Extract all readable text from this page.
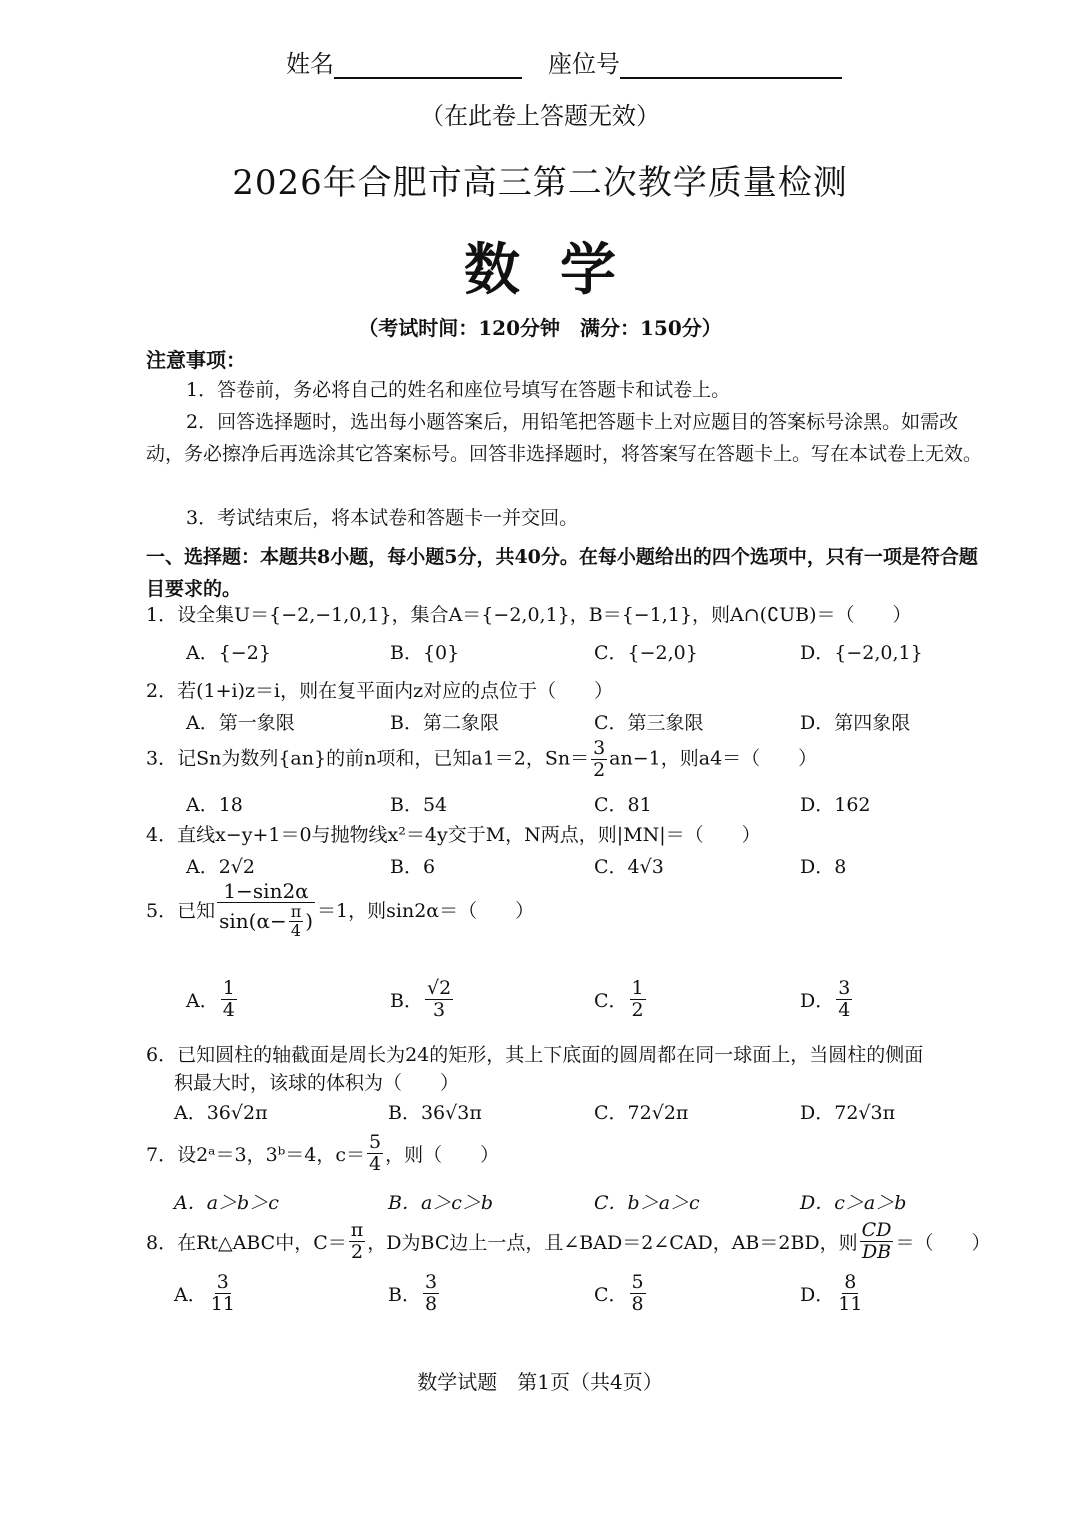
姓名	座位号
（在此卷上答题无效）
2026年合肥市高三第二次教学质量检测
数学
（考试时间：120分钟　满分：150分）
注意事项：
1．答卷前，务必将自己的姓名和座位号填写在答题卡和试卷上。
2．回答选择题时，选出每小题答案后，用铅笔把答题卡上对应题目的答案标号涂黑。如需改动，务必擦净后再选涂其它答案标号。回答非选择题时，将答案写在答题卡上。写在本试卷上无效。
3．考试结束后，将本试卷和答题卡一并交回。
一、选择题：本题共8小题，每小题5分，共40分。在每小题给出的四个选项中，只有一项是符合题目要求的。
1．设全集U＝{−2,−1,0,1}，集合A＝{−2,0,1}，B＝{−1,1}，则A∩(∁UB)＝（　　）
A．{−2}	B．{0}	C．{−2,0}	D．{−2,0,1}
2．若(1+i)z＝i，则在复平面内z对应的点位于（　　）
A．第一象限	B．第二象限	C．第三象限	D．第四象限
3．记Sn为数列{an}的前n项和，已知a1＝2，$Sn= \frac{3}{2} an-1$，则a4＝（　　）
A．18	B．54	C．81	D．162
4．直线x−y+1＝0与抛物线x²＝4y交于M，N两点，则|MN|＝（　　）
A．2√2	B．6	C．4√3	D．8
5．已知 $\frac{1-\sin 2\alpha}{\sin(\alpha- \frac{\pi}{4} )} =1$ ，则sin2α＝（　　）
A． $\frac{1}{4}$	B． $\frac{√2}{3}$	C． $\frac{1}{2}$	D． $\frac{3}{4}$
6．已知圆柱的轴截面是周长为24的矩形，其上下底面的圆周都在同一球面上，当圆柱的侧面
积最大时，该球的体积为（　　）
A．36√2π	B．36√3π	C．72√2π	D．72√3π
7．设2ᵃ＝3，3ᵇ＝4，$c= \frac{5}{4}$ ，则（　　）
A．a＞b＞c	B．a＞c＞b	C．b＞a＞c	D．c＞a＞b
8．在Rt△ABC中，$C= \frac{\pi}{2}$ ，D为BC边上一点，且∠BAD＝2∠CAD，AB＝2BD，则 $\frac{CD}{DB}$ ＝（　　）
A． $\frac{3}{11}$	B． $\frac{3}{8}$	C． $\frac{5}{8}$	D． $\frac{8}{11}$
数学试题　第1页（共4页）
